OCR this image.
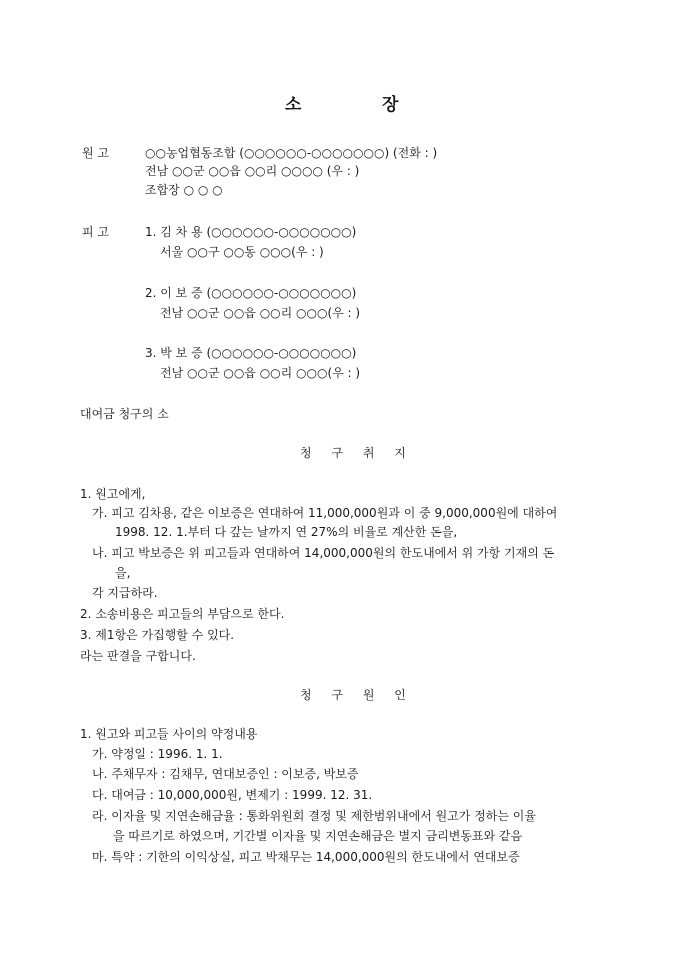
소	장
원 고	○○농업협동조합 (○○○○○○-○○○○○○○) (전화 : )
전남 ○○군 ○○읍 ○○리 ○○○○ (우 : )
조합장 ○ ○ ○
피 고	1. 김 차 용 (○○○○○○-○○○○○○○)
서울 ○○구 ○○동 ○○○(우 : )
2. 이 보 증 (○○○○○○-○○○○○○○)
전남 ○○군 ○○읍 ○○리 ○○○(우 : )
3. 박 보 증 (○○○○○○-○○○○○○○)
전남 ○○군 ○○읍 ○○리 ○○○(우 : )
대여금 청구의 소
청 구 취 지
1. 원고에게,
가. 피고 김차용, 같은 이보증은 연대하여 11,000,000원과 이 중 9,000,000원에 대하여
1998. 12. 1.부터 다 갚는 날까지 연 27%의 비율로 계산한 돈을,
나. 피고 박보증은 위 피고들과 연대하여 14,000,000원의 한도내에서 위 가항 기재의 돈
을,
각 지급하라.
2. 소송비용은 피고들의 부담으로 한다.
3. 제1항은 가집행할 수 있다.
라는 판결을 구합니다.
청 구 원 인
1. 원고와 피고들 사이의 약정내용
가. 약정일 : 1996. 1. 1.
나. 주채무자 : 김채무, 연대보증인 : 이보증, 박보증
다. 대여금 : 10,000,000원, 변제기 : 1999. 12. 31.
라. 이자율 및 지연손해금율 : 통화위원회 결정 및 제한범위내에서 원고가 정하는 이율
을 따르기로 하였으며, 기간별 이자율 및 지연손해금은 별지 금리변동표와 같음
마. 특약 : 기한의 이익상실, 피고 박채무는 14,000,000원의 한도내에서 연대보증
